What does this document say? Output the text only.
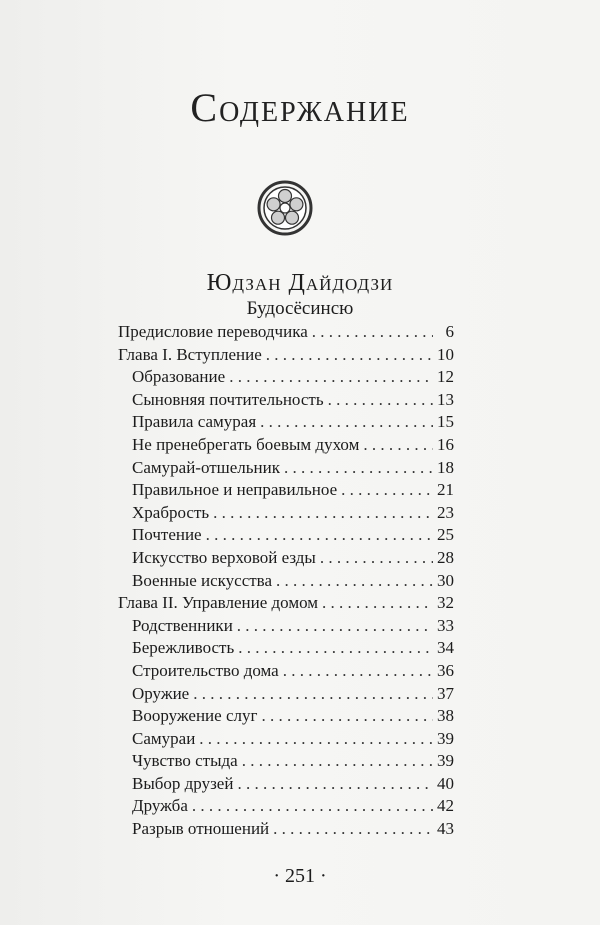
Содержание
Юдзан Дайдодзи
Будосёсинсю
Предисловие переводчика . . .	6
Глава I. Вступление . . .	10
Образование . . .	12
Сыновняя почтительность . . .	13
Правила самурая . . .	15
Не пренебрегать боевым духом . . .	16
Самурай-отшельник . . .	18
Правильное и неправильное . . .	21
Храбрость . . .	23
Почтение . . .	25
Искусство верховой езды . . .	28
Военные искусства . . .	30
Глава II. Управление домом . . .	32
Родственники . . .	33
Бережливость . . .	34
Строительство дома . . .	36
Оружие . . .	37
Вооружение слуг . . .	38
Самураи . . .	39
Чувство стыда . . .	39
Выбор друзей . . .	40
Дружба . . .	42
Разрыв отношений . . .	43
· 251 ·
